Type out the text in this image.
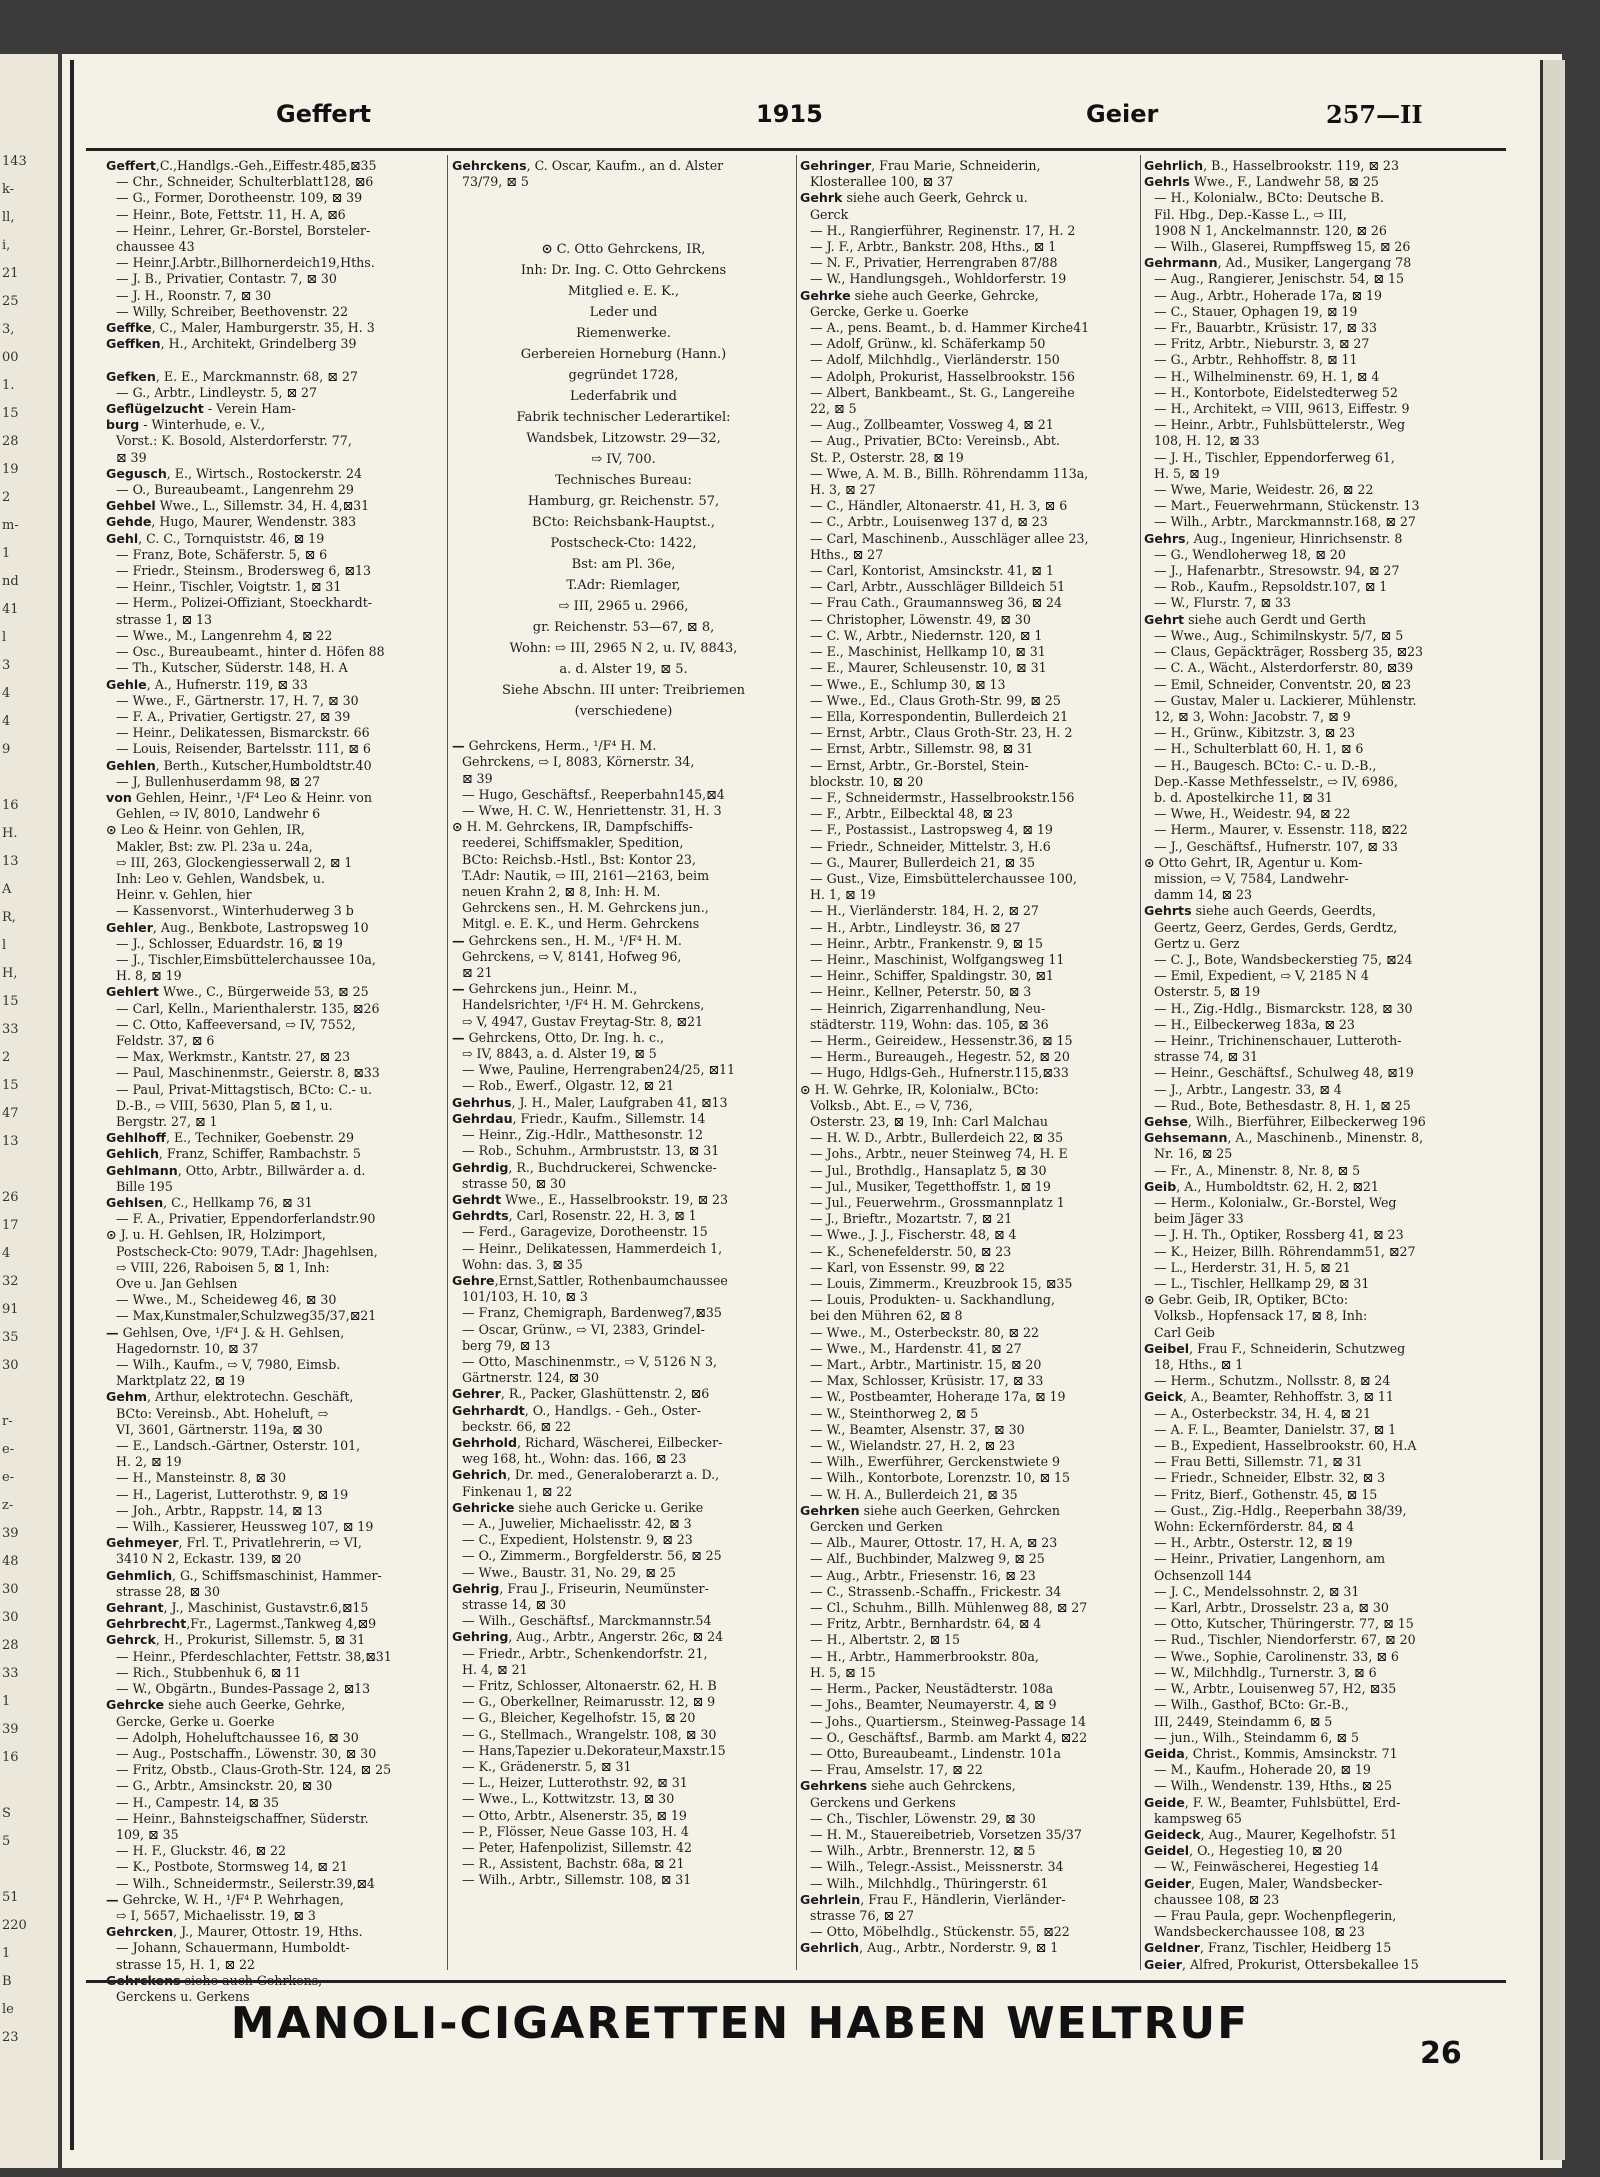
143
k-
ll,
i,
21
25
3,
00
1.
15
28
19
2
m-
1
nd
41
l
3
4
4
9
16
H.
13
A
R,
l
H,
15
33
2
15
47
13
26
17
4
32
91
35
30
r-
e-
e-
z-
39
48
30
30
28
33
1
39
16
S
5
51
220
1
B
le
23
Geffert	1915	Geier	257—II
Geffert,C.,Handlgs.-Geh.,Eiffestr.485,⊠35
— Chr., Schneider, Schulterblatt128, ⊠6
— G., Former, Dorotheenstr. 109, ⊠ 39
— Heinr., Bote, Fettstr. 11, H. A, ⊠6
— Heinr., Lehrer, Gr.-Borstel, Borsteler-
chaussee 43
— Heinr.J.Arbtr.,Billhornerdeich19,Hths.
— J. B., Privatier, Contastr. 7, ⊠ 30
— J. H., Roonstr. 7, ⊠ 30
— Willy, Schreiber, Beethovenstr. 22
Geffke, C., Maler, Hamburgerstr. 35, H. 3
Geffken, H., Architekt, Grindelberg 39

Gefken, E. E., Marckmannstr. 68, ⊠ 27
— G., Arbtr., Lindleystr. 5, ⊠ 27
Geflügelzucht - Verein Ham-
burg - Winterhude, e. V.,
Vorst.: K. Bosold, Alsterdorferstr. 77,
⊠ 39
Gegusch, E., Wirtsch., Rostockerstr. 24
— O., Bureaubeamt., Langenrehm 29
Gehbel Wwe., L., Sillemstr. 34, H. 4,⊠31
Gehde, Hugo, Maurer, Wendenstr. 383
Gehl, C. C., Tornquiststr. 46, ⊠ 19
— Franz, Bote, Schäferstr. 5, ⊠ 6
— Friedr., Steinsm., Brodersweg 6, ⊠13
— Heinr., Tischler, Voigtstr. 1, ⊠ 31
— Herm., Polizei-Offiziant, Stoeckhardt-
strasse 1, ⊠ 13
— Wwe., M., Langenrehm 4, ⊠ 22
— Osc., Bureaubeamt., hinter d. Höfen 88
— Th., Kutscher, Süderstr. 148, H. A
Gehle, A., Hufnerstr. 119, ⊠ 33
— Wwe., F., Gärtnerstr. 17, H. 7, ⊠ 30
— F. A., Privatier, Gertigstr. 27, ⊠ 39
— Heinr., Delikatessen, Bismarckstr. 66
— Louis, Reisender, Bartelsstr. 111, ⊠ 6
Gehlen, Berth., Kutscher,Humboldtstr.40
— J, Bullenhuserdamm 98, ⊠ 27
von Gehlen, Heinr., ¹/F⁴ Leo & Heinr. von
Gehlen, ⇨ IV, 8010, Landwehr 6
⊙ Leo & Heinr. von Gehlen, IR,
Makler, Bst: zw. Pl. 23a u. 24a,
⇨ III, 263, Glockengiesserwall 2, ⊠ 1
Inh: Leo v. Gehlen, Wandsbek, u.
Heinr. v. Gehlen, hier
— Kassenvorst., Winterhuderweg 3 b
Gehler, Aug., Benkbote, Lastropsweg 10
— J., Schlosser, Eduardstr. 16, ⊠ 19
— J., Tischler,Eimsbüttelerchaussee 10a,
H. 8, ⊠ 19
Gehlert Wwe., C., Bürgerweide 53, ⊠ 25
— Carl, Kelln., Marienthalerstr. 135, ⊠26
— C. Otto, Kaffeeversand, ⇨ IV, 7552,
Feldstr. 37, ⊠ 6
— Max, Werkmstr., Kantstr. 27, ⊠ 23
— Paul, Maschinenmstr., Geierstr. 8, ⊠33
— Paul, Privat-Mittagstisch, BCto: C.- u.
D.-B., ⇨ VIII, 5630, Plan 5, ⊠ 1, u.
Bergstr. 27, ⊠ 1
Gehlhoff, E., Techniker, Goebenstr. 29
Gehlich, Franz, Schiffer, Rambachstr. 5
Gehlmann, Otto, Arbtr., Billwärder a. d.
Bille 195
Gehlsen, C., Hellkamp 76, ⊠ 31
— F. A., Privatier, Eppendorferlandstr.90
⊙ J. u. H. Gehlsen, IR, Holzimport,
Postscheck-Cto: 9079, T.Adr: Jhagehlsen,
⇨ VIII, 226, Raboisen 5, ⊠ 1, Inh:
Ove u. Jan Gehlsen
— Wwe., M., Scheideweg 46, ⊠ 30
— Max,Kunstmaler,Schulzweg35/37,⊠21
— Gehlsen, Ove, ¹/F⁴ J. & H. Gehlsen,
Hagedornstr. 10, ⊠ 37
— Wilh., Kaufm., ⇨ V, 7980, Eimsb.
Marktplatz 22, ⊠ 19
Gehm, Arthur, elektrotechn. Geschäft,
BCto: Vereinsb., Abt. Hoheluft, ⇨
VI, 3601, Gärtnerstr. 119a, ⊠ 30
— E., Landsch.-Gärtner, Osterstr. 101,
H. 2, ⊠ 19
— H., Mansteinstr. 8, ⊠ 30
— H., Lagerist, Lutterothstr. 9, ⊠ 19
— Joh., Arbtr., Rappstr. 14, ⊠ 13
— Wilh., Kassierer, Heussweg 107, ⊠ 19
Gehmeyer, Frl. T., Privatlehrerin, ⇨ VI,
3410 N 2, Eckastr. 139, ⊠ 20
Gehmlich, G., Schiffsmaschinist, Hammer-
strasse 28, ⊠ 30
Gehrant, J., Maschinist, Gustavstr.6,⊠15
Gehrbrecht,Fr., Lagermst.,Tankweg 4,⊠9
Gehrck, H., Prokurist, Sillemstr. 5, ⊠ 31
— Heinr., Pferdeschlachter, Fettstr. 38,⊠31
— Rich., Stubbenhuk 6, ⊠ 11
— W., Obgärtn., Bundes-Passage 2, ⊠13
Gehrcke siehe auch Geerke, Gehrke,
Gercke, Gerke u. Goerke
— Adolph, Hoheluftchaussee 16, ⊠ 30
— Aug., Postschaffn., Löwenstr. 30, ⊠ 30
— Fritz, Obstb., Claus-Groth-Str. 124, ⊠ 25
— G., Arbtr., Amsinckstr. 20, ⊠ 30
— H., Campestr. 14, ⊠ 35
— Heinr., Bahnsteigschaffner, Süderstr.
109, ⊠ 35
— H. F., Gluckstr. 46, ⊠ 22
— K., Postbote, Stormsweg 14, ⊠ 21
— Wilh., Schneidermstr., Seilerstr.39,⊠4
— Gehrcke, W. H., ¹/F⁴ P. Wehrhagen,
⇨ I, 5657, Michaelisstr. 19, ⊠ 3
Gehrcken, J., Maurer, Ottostr. 19, Hths.
— Johann, Schauermann, Humboldt-
strasse 15, H. 1, ⊠ 22
Gerckens u. Gerkens
Gehrckens, C. Oscar, Kaufm., an d. Alster
73/79, ⊠ 5

⊙ C. Otto Gehrckens, IR,
Inh: Dr. Ing. C. Otto Gehrckens
Mitglied e. E. K.,
Leder und
Riemenwerke.
Gerbereien Horneburg (Hann.)
gegründet 1728,
Lederfabrik und
Fabrik technischer Lederartikel:
Wandsbek, Litzowstr. 29—32,
⇨ IV, 700.
Technisches Bureau:
Hamburg, gr. Reichenstr. 57,
BCto: Reichsbank-Hauptst.,
Postscheck-Cto: 1422,
Bst: am Pl. 36e,
T.Adr: Riemlager,
⇨ III, 2965 u. 2966,
gr. Reichenstr. 53—67, ⊠ 8,
Wohn: ⇨ III, 2965 N 2, u. IV, 8843,
a. d. Alster 19, ⊠ 5.
Siehe Abschn. III unter: Treibriemen
(verschiedene)

— Gehrckens, Herm., ¹/F⁴ H. M.
Gehrckens, ⇨ I, 8083, Körnerstr. 34,
⊠ 39
— Hugo, Geschäftsf., Reeperbahn145,⊠4
— Wwe, H. C. W., Henriettenstr. 31, H. 3
⊙ H. M. Gehrckens, IR, Dampfschiffs-
reederei, Schiffsmakler, Spedition,
BCto: Reichsb.-Hstl., Bst: Kontor 23,
T.Adr: Nautik, ⇨ III, 2161—2163, beim
neuen Krahn 2, ⊠ 8, Inh: H. M.
Gehrckens sen., H. M. Gehrckens jun.,
Mitgl. e. E. K., und Herm. Gehrckens
— Gehrckens sen., H. M., ¹/F⁴ H. M.
Gehrckens, ⇨ V, 8141, Hofweg 96,
⊠ 21
— Gehrckens jun., Heinr. M.,
Handelsrichter, ¹/F⁴ H. M. Gehrckens,
⇨ V, 4947, Gustav Freytag-Str. 8, ⊠21
— Gehrckens, Otto, Dr. Ing. h. c.,
⇨ IV, 8843, a. d. Alster 19, ⊠ 5
— Wwe, Pauline, Herrengraben24/25, ⊠11
— Rob., Ewerf., Olgastr. 12, ⊠ 21
Gehrhus, J. H., Maler, Laufgraben 41, ⊠13
Gehrdau, Friedr., Kaufm., Sillemstr. 14
— Heinr., Zig.-Hdlr., Matthesonstr. 12
— Rob., Schuhm., Armbruststr. 13, ⊠ 31
Gehrdig, R., Buchdruckerei, Schwencke-
strasse 50, ⊠ 30
Gehrdt Wwe., E., Hasselbrookstr. 19, ⊠ 23
Gehrdts, Carl, Rosenstr. 22, H. 3, ⊠ 1
— Ferd., Garagevize, Dorotheenstr. 15
— Heinr., Delikatessen, Hammerdeich 1,
Wohn: das. 3, ⊠ 35
Gehre,Ernst,Sattler, Rothenbaumchaussee
101/103, H. 10, ⊠ 3
— Franz, Chemigraph, Bardenweg7,⊠35
— Oscar, Grünw., ⇨ VI, 2383, Grindel-
berg 79, ⊠ 13
— Otto, Maschinenmstr., ⇨ V, 5126 N 3,
Gärtnerstr. 124, ⊠ 30
Gehrer, R., Packer, Glashüttenstr. 2, ⊠6
Gehrhardt, O., Handlgs. - Geh., Oster-
beckstr. 66, ⊠ 22
Gehrhold, Richard, Wäscherei, Eilbecker-
weg 168, ht., Wohn: das. 166, ⊠ 23
Gehrich, Dr. med., Generaloberarzt a. D.,
Finkenau 1, ⊠ 22
Gehricke siehe auch Gericke u. Gerike
— A., Juwelier, Michaelisstr. 42, ⊠ 3
— C., Expedient, Holstenstr. 9, ⊠ 23
— O., Zimmerm., Borgfelderstr. 56, ⊠ 25
— Wwe., Baustr. 31, No. 29, ⊠ 25
Gehrig, Frau J., Friseurin, Neumünster-
strasse 14, ⊠ 30
— Wilh., Geschäftsf., Marckmannstr.54
Gehring, Aug., Arbtr., Angerstr. 26c, ⊠ 24
— Friedr., Arbtr., Schenkendorfstr. 21,
H. 4, ⊠ 21
— Fritz, Schlosser, Altonaerstr. 62, H. B
— G., Oberkellner, Reimarusstr. 12, ⊠ 9
— G., Bleicher, Kegelhofstr. 15, ⊠ 20
— G., Stellmach., Wrangelstr. 108, ⊠ 30
— Hans,Tapezier u.Dekorateur,Maxstr.15
— K., Grädenerstr. 5, ⊠ 31
— L., Heizer, Lutterothstr. 92, ⊠ 31
— Wwe., L., Kottwitzstr. 13, ⊠ 30
— Otto, Arbtr., Alsenerstr. 35, ⊠ 19
— P., Flösser, Neue Gasse 103, H. 4
— Peter, Hafenpolizist, Sillemstr. 42
— R., Assistent, Bachstr. 68a, ⊠ 21
— Wilh., Arbtr., Sillemstr. 108, ⊠ 31
Gehringer, Frau Marie, Schneiderin,
Klosterallee 100, ⊠ 37
Gehrk siehe auch Geerk, Gehrck u.
Gerck
— H., Rangierführer, Reginenstr. 17, H. 2
— J. F., Arbtr., Bankstr. 208, Hths., ⊠ 1
— N. F., Privatier, Herrengraben 87/88
— W., Handlungsgeh., Wohldorferstr. 19
Gehrke siehe auch Geerke, Gehrcke,
Gercke, Gerke u. Goerke
— A., pens. Beamt., b. d. Hammer Kirche41
— Adolf, Grünw., kl. Schäferkamp 50
— Adolf, Milchhdlg., Vierländerstr. 150
— Adolph, Prokurist, Hasselbrookstr. 156
— Albert, Bankbeamt., St. G., Langereihe
22, ⊠ 5
— Aug., Zollbeamter, Vossweg 4, ⊠ 21
— Aug., Privatier, BCto: Vereinsb., Abt.
St. P., Osterstr. 28, ⊠ 19
— Wwe, A. M. B., Billh. Röhrendamm 113a,
H. 3, ⊠ 27
— C., Händler, Altonaerstr. 41, H. 3, ⊠ 6
— C., Arbtr., Louisenweg 137 d, ⊠ 23
— Carl, Maschinenb., Ausschläger allee 23,
Hths., ⊠ 27
— Carl, Kontorist, Amsinckstr. 41, ⊠ 1
— Carl, Arbtr., Ausschläger Billdeich 51
— Frau Cath., Graumannsweg 36, ⊠ 24
— Christopher, Löwenstr. 49, ⊠ 30
— C. W., Arbtr., Niedernstr. 120, ⊠ 1
— E., Maschinist, Hellkamp 10, ⊠ 31
— E., Maurer, Schleusenstr. 10, ⊠ 31
— Wwe., E., Schlump 30, ⊠ 13
— Wwe., Ed., Claus Groth-Str. 99, ⊠ 25
— Ella, Korrespondentin, Bullerdeich 21
— Ernst, Arbtr., Claus Groth-Str. 23, H. 2
— Ernst, Arbtr., Sillemstr. 98, ⊠ 31
— Ernst, Arbtr., Gr.-Borstel, Stein-
blockstr. 10, ⊠ 20
— F., Schneidermstr., Hasselbrookstr.156
— F., Arbtr., Eilbecktal 48, ⊠ 23
— F., Postassist., Lastropsweg 4, ⊠ 19
— Friedr., Schneider, Mittelstr. 3, H.6
— G., Maurer, Bullerdeich 21, ⊠ 35
— Gust., Vize, Eimsbüttelerchaussee 100,
H. 1, ⊠ 19
— H., Vierländerstr. 184, H. 2, ⊠ 27
— H., Arbtr., Lindleystr. 36, ⊠ 27
— Heinr., Arbtr., Frankenstr. 9, ⊠ 15
— Heinr., Maschinist, Wolfgangsweg 11
— Heinr., Schiffer, Spaldingstr. 30, ⊠1
— Heinr., Kellner, Peterstr. 50, ⊠ 3
— Heinrich, Zigarrenhandlung, Neu-
städterstr. 119, Wohn: das. 105, ⊠ 36
— Herm., Geireidew., Hessenstr.36, ⊠ 15
— Herm., Bureaugeh., Hegestr. 52, ⊠ 20
— Hugo, Hdlgs-Geh., Hufnerstr.115,⊠33
⊙ H. W. Gehrke, IR, Kolonialw., BCto:
Volksb., Abt. E., ⇨ V, 736,
Osterstr. 23, ⊠ 19, Inh: Carl Malchau
— H. W. D., Arbtr., Bullerdeich 22, ⊠ 35
— Johs., Arbtr., neuer Steinweg 74, H. E
— Jul., Brothdlg., Hansaplatz 5, ⊠ 30
— Jul., Musiker, Tegetthoffstr. 1, ⊠ 19
— Jul., Feuerwehrm., Grossmannplatz 1
— J., Brieftr., Mozartstr. 7, ⊠ 21
— Wwe., J. J., Fischerstr. 48, ⊠ 4
— K., Schenefelderstr. 50, ⊠ 23
— Karl, von Essenstr. 99, ⊠ 22
— Louis, Zimmerm., Kreuzbrook 15, ⊠35
— Louis, Produkten- u. Sackhandlung,
bei den Mühren 62, ⊠ 8
— Wwe., M., Osterbeckstr. 80, ⊠ 22
— Wwe., M., Hardenstr. 41, ⊠ 27
— Mart., Arbtr., Martinistr. 15, ⊠ 20
— Max, Schlosser, Krüsistr. 17, ⊠ 33
— W., Postbeamter, Hoheraде 17a, ⊠ 19
— W., Steinthorweg 2, ⊠ 5
— W., Beamter, Alsenstr. 37, ⊠ 30
— W., Wielandstr. 27, H. 2, ⊠ 23
— Wilh., Ewerführer, Gerckenstwiete 9
— Wilh., Kontorbote, Lorenzstr. 10, ⊠ 15
— W. H. A., Bullerdeich 21, ⊠ 35
Gehrken siehe auch Geerken, Gehrcken
Gercken und Gerken
— Alb., Maurer, Ottostr. 17, H. A, ⊠ 23
— Alf., Buchbinder, Malzweg 9, ⊠ 25
— Aug., Arbtr., Friesenstr. 16, ⊠ 23
— C., Strassenb.-Schaffn., Frickestr. 34
— Cl., Schuhm., Billh. Mühlenweg 88, ⊠ 27
— Fritz, Arbtr., Bernhardstr. 64, ⊠ 4
— H., Albertstr. 2, ⊠ 15
— H., Arbtr., Hammerbrookstr. 80a,
H. 5, ⊠ 15
— Herm., Packer, Neustädterstr. 108a
— Johs., Beamter, Neumayerstr. 4, ⊠ 9
— Johs., Quartiersm., Steinweg-Passage 14
— O., Geschäftsf., Barmb. am Markt 4, ⊠22
— Otto, Bureaubeamt., Lindenstr. 101a
— Frau, Amselstr. 17, ⊠ 22
Gehrkens siehe auch Gehrckens,
Gerckens und Gerkens
— Ch., Tischler, Löwenstr. 29, ⊠ 30
— H. M., Stauereibetrieb, Vorsetzen 35/37
— Wilh., Arbtr., Brennerstr. 12, ⊠ 5
— Wilh., Telegr.-Assist., Meissnerstr. 34
— Wilh., Milchhdlg., Thüringerstr. 61
Gehrlein, Frau F., Händlerin, Vierländer-
strasse 76, ⊠ 27
— Otto, Möbelhdlg., Stückenstr. 55, ⊠22
Gehrlich, Aug., Arbtr., Norderstr. 9, ⊠ 1
Gehrlich, B., Hasselbrookstr. 119, ⊠ 23
Gehrls Wwe., F., Landwehr 58, ⊠ 25
— H., Kolonialw., BCto: Deutsche B.
Fil. Hbg., Dep.-Kasse L., ⇨ III,
1908 N 1, Anckelmannstr. 120, ⊠ 26
— Wilh., Glaserei, Rumpffsweg 15, ⊠ 26
Gehrmann, Ad., Musiker, Langergang 78
— Aug., Rangierer, Jenischstr. 54, ⊠ 15
— Aug., Arbtr., Hoherade 17a, ⊠ 19
— C., Stauer, Ophagen 19, ⊠ 19
— Fr., Bauarbtr., Krüsistr. 17, ⊠ 33
— Fritz, Arbtr., Nieburstr. 3, ⊠ 27
— G., Arbtr., Rehhoffstr. 8, ⊠ 11
— H., Wilhelminenstr. 69, H. 1, ⊠ 4
— H., Kontorbote, Eidelstedterweg 52
— H., Architekt, ⇨ VIII, 9613, Eiffestr. 9
— Heinr., Arbtr., Fuhlsbüttelerstr., Weg
108, H. 12, ⊠ 33
— J. H., Tischler, Eppendorferweg 61,
H. 5, ⊠ 19
— Wwe, Marie, Weidestr. 26, ⊠ 22
— Mart., Feuerwehrmann, Stückenstr. 13
— Wilh., Arbtr., Marckmannstr.168, ⊠ 27
Gehrs, Aug., Ingenieur, Hinrichsenstr. 8
— G., Wendloherweg 18, ⊠ 20
— J., Hafenarbtr., Stresowstr. 94, ⊠ 27
— Rob., Kaufm., Repsoldstr.107, ⊠ 1
— W., Flurstr. 7, ⊠ 33
Gehrt siehe auch Gerdt und Gerth
— Wwe., Aug., Schimilnskystr. 5/7, ⊠ 5
— Claus, Gepäckträger, Rossberg 35, ⊠23
— C. A., Wächt., Alsterdorferstr. 80, ⊠39
— Emil, Schneider, Conventstr. 20, ⊠ 23
— Gustav, Maler u. Lackierer, Mühlenstr.
12, ⊠ 3, Wohn: Jacobstr. 7, ⊠ 9
— H., Grünw., Kibitzstr. 3, ⊠ 23
— H., Schulterblatt 60, H. 1, ⊠ 6
— H., Baugesch. BCto: C.- u. D.-B.,
Dep.-Kasse Methfesselstr., ⇨ IV, 6986,
b. d. Apostelkirche 11, ⊠ 31
— Wwe, H., Weidestr. 94, ⊠ 22
— Herm., Maurer, v. Essenstr. 118, ⊠22
— J., Geschäftsf., Hufnerstr. 107, ⊠ 33
⊙ Otto Gehrt, IR, Agentur u. Kom-
mission, ⇨ V, 7584, Landwehr-
damm 14, ⊠ 23
Gehrts siehe auch Geerds, Geerdts,
Geertz, Geerz, Gerdes, Gerds, Gerdtz,
Gertz u. Gerz
— C. J., Bote, Wandsbeckerstieg 75, ⊠24
— Emil, Expedient, ⇨ V, 2185 N 4
Osterstr. 5, ⊠ 19
— H., Zig.-Hdlg., Bismarckstr. 128, ⊠ 30
— H., Eilbeckerweg 183a, ⊠ 23
— Heinr., Trichinenschauer, Lutteroth-
strasse 74, ⊠ 31
— Heinr., Geschäftsf., Schulweg 48, ⊠19
— J., Arbtr., Langestr. 33, ⊠ 4
— Rud., Bote, Bethesdastr. 8, H. 1, ⊠ 25
Gehse, Wilh., Bierführer, Eilbeckerweg 196
Gehsemann, A., Maschinenb., Minenstr. 8,
Nr. 16, ⊠ 25
— Fr., A., Minenstr. 8, Nr. 8, ⊠ 5
Geib, A., Humboldtstr. 62, H. 2, ⊠21
— Herm., Kolonialw., Gr.-Borstel, Weg
beim Jäger 33
— J. H. Th., Optiker, Rossberg 41, ⊠ 23
— K., Heizer, Billh. Röhrendamm51, ⊠27
— L., Herderstr. 31, H. 5, ⊠ 21
— L., Tischler, Hellkamp 29, ⊠ 31
⊙ Gebr. Geib, IR, Optiker, BCto:
Volksb., Hopfensack 17, ⊠ 8, Inh:
Carl Geib
Geibel, Frau F., Schneiderin, Schutzweg
18, Hths., ⊠ 1
— Herm., Schutzm., Nollsstr. 8, ⊠ 24
Geick, A., Beamter, Rehhoffstr. 3, ⊠ 11
— A., Osterbeckstr. 34, H. 4, ⊠ 21
— A. F. L., Beamter, Danielstr. 37, ⊠ 1
— B., Expedient, Hasselbrookstr. 60, H.A
— Frau Betti, Sillemstr. 71, ⊠ 31
— Friedr., Schneider, Elbstr. 32, ⊠ 3
— Fritz, Bierf., Gothenstr. 45, ⊠ 15
— Gust., Zig.-Hdlg., Reeperbahn 38/39,
Wohn: Eckernförderstr. 84, ⊠ 4
— H., Arbtr., Osterstr. 12, ⊠ 19
— Heinr., Privatier, Langenhorn, am
Ochsenzoll 144
— J. C., Mendelssohnstr. 2, ⊠ 31
— Karl, Arbtr., Drosselstr. 23 a, ⊠ 30
— Otto, Kutscher, Thüringerstr. 77, ⊠ 15
— Rud., Tischler, Niendorferstr. 67, ⊠ 20
— Wwe., Sophie, Carolinenstr. 33, ⊠ 6
— W., Milchhdlg., Turnerstr. 3, ⊠ 6
— W., Arbtr., Louisenweg 57, H2, ⊠35
— Wilh., Gasthof, BCto: Gr.-B.,
III, 2449, Steindamm 6, ⊠ 5
— jun., Wilh., Steindamm 6, ⊠ 5
Geida, Christ., Kommis, Amsinckstr. 71
— M., Kaufm., Hoherade 20, ⊠ 19
— Wilh., Wendenstr. 139, Hths., ⊠ 25
Geide, F. W., Beamter, Fuhlsbüttel, Erd-
kampsweg 65
Geideck, Aug., Maurer, Kegelhofstr. 51
Geidel, O., Hegestieg 10, ⊠ 20
— W., Feinwäscherei, Hegestieg 14
Geider, Eugen, Maler, Wandsbecker-
chaussee 108, ⊠ 23
— Frau Paula, gepr. Wochenpflegerin,
Wandsbeckerchaussee 108, ⊠ 23
Geldner, Franz, Tischler, Heidberg 15
Geier, Alfred, Prokurist, Ottersbekallee 15
MANOLI-CIGARETTEN HABEN WELTRUF
26
